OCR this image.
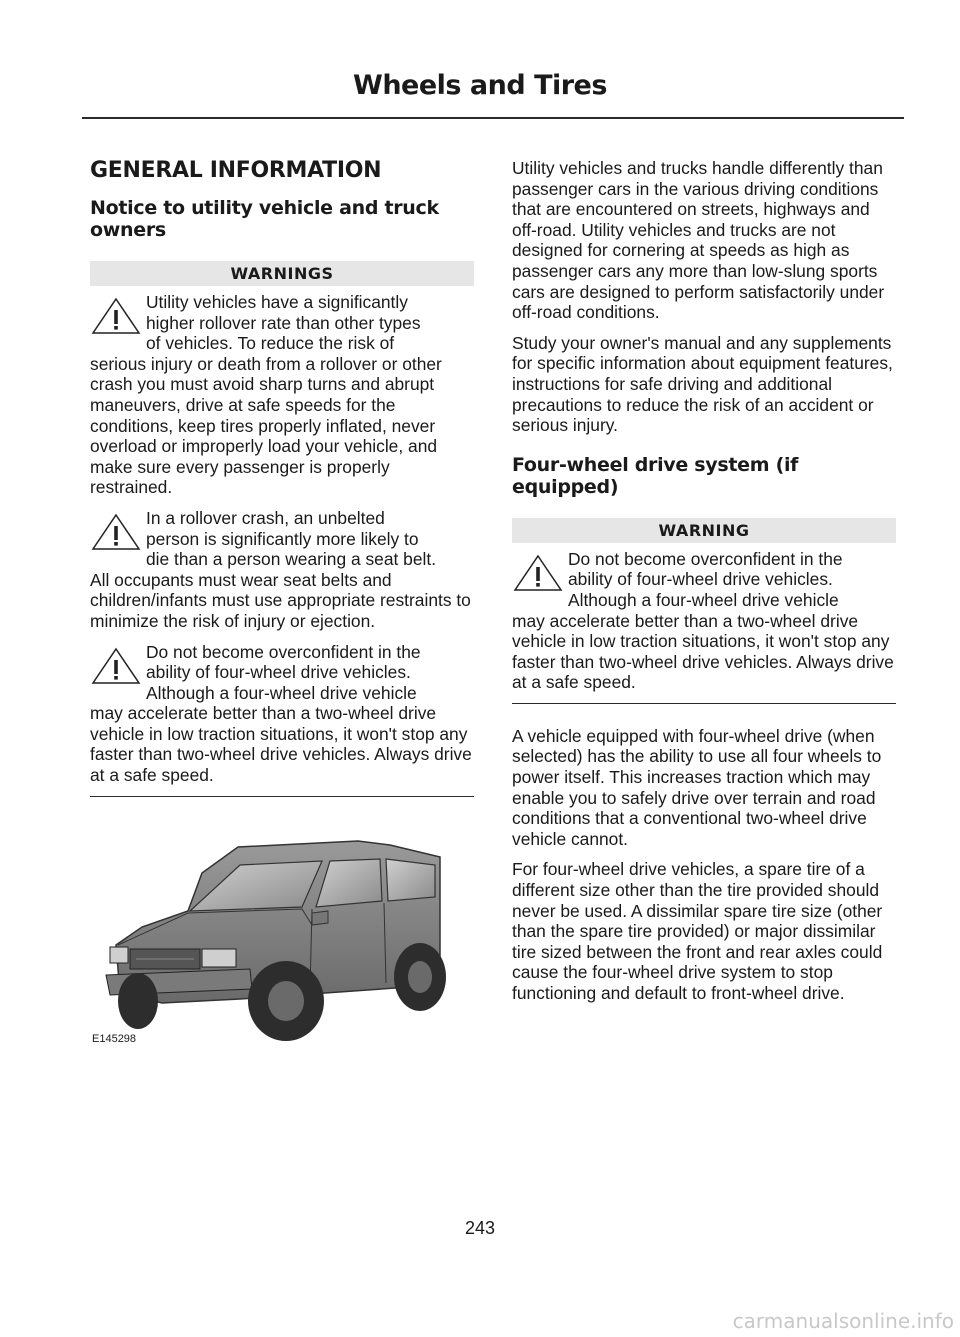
Wheels and Tires
GENERAL INFORMATION
Notice to utility vehicle and truck owners
WARNINGS
Utility vehicles have a significantly
higher rollover rate than other types
of vehicles. To reduce the risk of
serious injury or death from a rollover or other crash you must avoid sharp turns and abrupt maneuvers, drive at safe speeds for the conditions, keep tires properly inflated, never overload or improperly load your vehicle, and make sure every passenger is properly restrained.
In a rollover crash, an unbelted
person is significantly more likely to
die than a person wearing a seat belt.
All occupants must wear seat belts and children/infants must use appropriate restraints to minimize the risk of injury or ejection.
Do not become overconfident in the
ability of four-wheel drive vehicles.
Although a four-wheel drive vehicle
may accelerate better than a two-wheel drive vehicle in low traction situations, it won't stop any faster than two-wheel drive vehicles. Always drive at a safe speed.
E145298

Utility vehicles and trucks handle differently than passenger cars in the various driving conditions that are encountered on streets, highways and off-road. Utility vehicles and trucks are not designed for cornering at speeds as high as passenger cars any more than low-slung sports cars are designed to perform satisfactorily under off-road conditions.

Study your owner's manual and any supplements for specific information about equipment features, instructions for safe driving and additional precautions to reduce the risk of an accident or serious injury.

Four-wheel drive system (if equipped)
WARNING
Do not become overconfident in the
ability of four-wheel drive vehicles.
Although a four-wheel drive vehicle
may accelerate better than a two-wheel drive vehicle in low traction situations, it won't stop any faster than two-wheel drive vehicles. Always drive at a safe speed.

A vehicle equipped with four-wheel drive (when selected) has the ability to use all four wheels to power itself. This increases traction which may enable you to safely drive over terrain and road conditions that a conventional two-wheel drive vehicle cannot.

For four-wheel drive vehicles, a spare tire of a different size other than the tire provided should never be used. A dissimilar spare tire size (other than the spare tire provided) or major dissimilar tire sized between the front and rear axles could cause the four-wheel drive system to stop functioning and default to front-wheel drive.

243
carmanualsonline.info
